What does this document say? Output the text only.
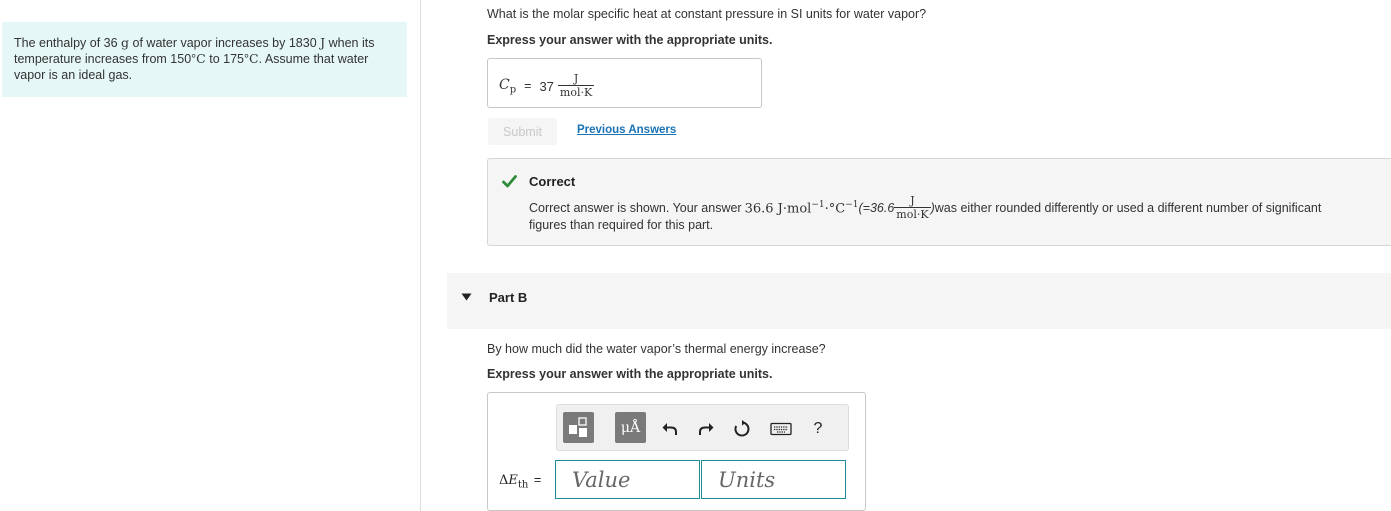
The enthalpy of 36 g of water vapor increases by 1830 J when its temperature increases from 150°C to 175°C. Assume that water vapor is an ideal gas.
What is the molar specific heat at constant pressure in SI units for water vapor?
Express your answer with the appropriate units.
$C_p = 37 \frac{J}{\text{mol·K}}$
Submit	Previous Answers
Correct
Correct answer is shown. Your answer 36.6 $J\cdot mol^{-1}\cdot^\circ C^{-1}$ ($=36.6 \frac{J}{\text{mol·K}}$ ) was either rounded differently or used a different number of significant
figures than required for this part.
Part B
By how much did the water vapor’s thermal energy increase?
Express your answer with the appropriate units.
μÅ	?
$\Delta E_{th}$ =
Value
Units
